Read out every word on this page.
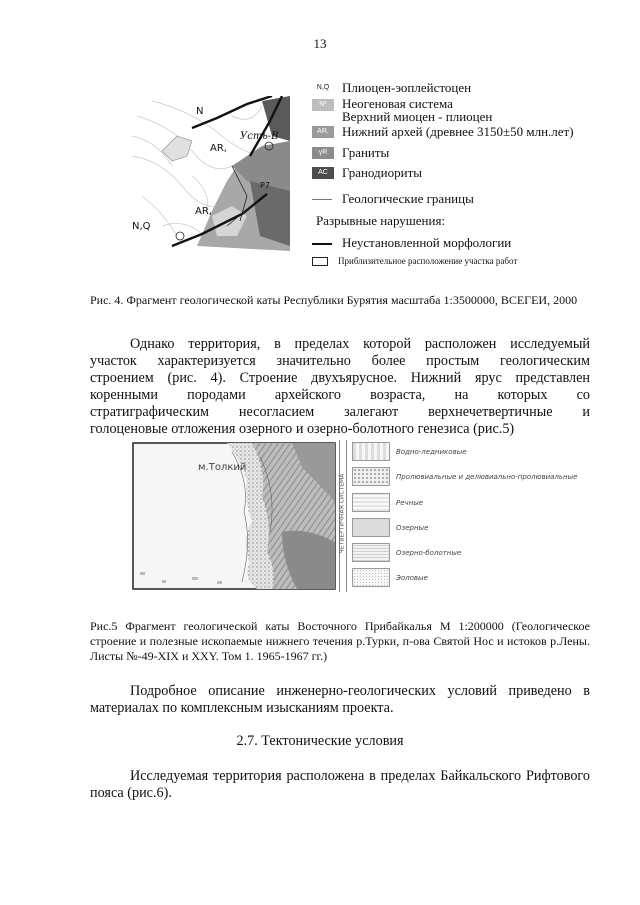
13
N
AR,
Усть-В
AR,
N,Q
P7
N,Q Плиоцен-эоплейстоцен
N²	Неогеновая система
Верхний миоцен - плиоцен
AR,	Нижний архей (древнее 3150±50 млн.лет)
γR	Граниты
AC	Гранодиориты
Геологические границы
Разрывные нарушения:
Неустановленной морфологии
Приблизительное расположение участка работ
Рис. 4. Фрагмент геологической каты Республики Бурятия масштаба 1:3500000, ВСЕГЕИ, 2000

Однако территория, в пределах которой расположен исследуемый

участок характеризуется значительно более простым геологическим

строением (рис. 4). Строение двухъярусное. Нижний ярус представлен

коренными породами архейского возраста, на которых со

стратиграфическим несогласием залегают верхнечетвертичные и

голоценовые отложения озерного и озерно-болотного генезиса (рис.5)

м.Толкий
ЧЕТВЕРТИЧНАЯ СИСТЕМА
Водно-ледниковые
Пролювиальные и делювиально-пролювиальные
Речные
Озерные
Озерно-болотные
Эоловые
Рис.5 Фрагмент геологической каты Восточного Прибайкалья М 1:200000 (Геологическое строение и полезные ископаемые нижнего течения р.Турки, п-ова Святой Нос и истоков р.Лены. Листы №-49-XIX и XXY. Том 1. 1965-1967 гг.)

Подробное описание инженерно-геологических условий приведено в материалах по комплексным изысканиям проекта.

2.7. Тектонические условия

Исследуемая территория расположена в пределах Байкальского Рифтового пояса (рис.6).
